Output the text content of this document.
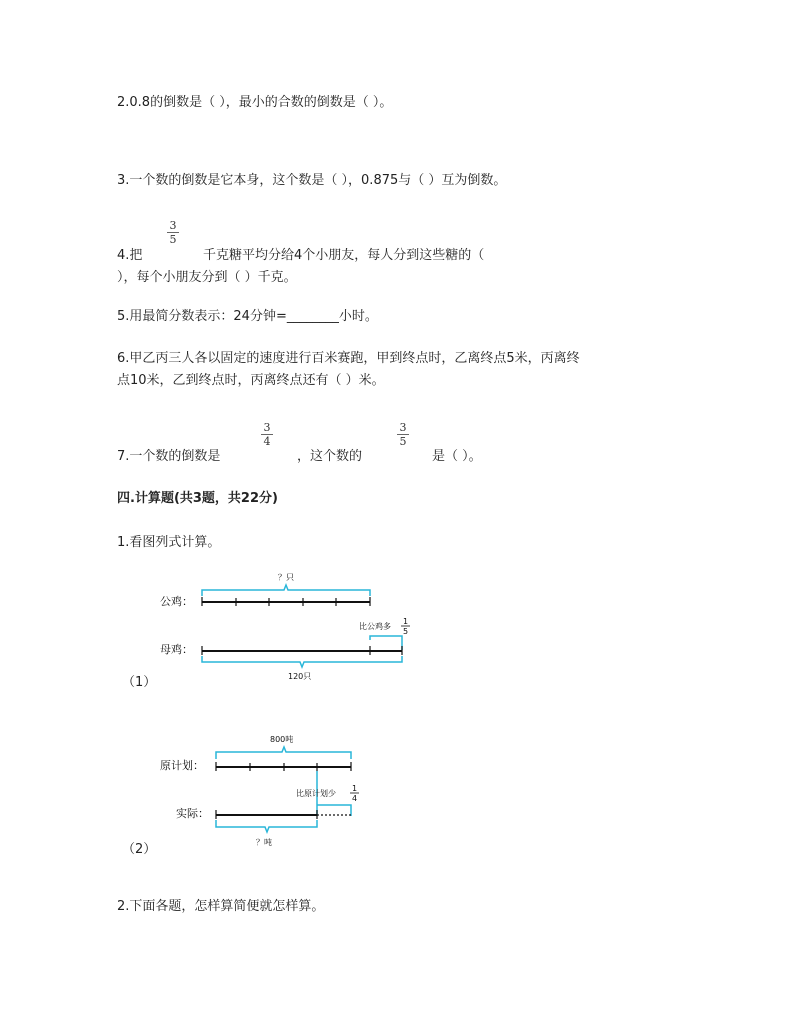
2.0.8的倒数是（ ），最小的合数的倒数是（ ）。
3.一个数的倒数是它本身，这个数是（ ），0.875与（ ）互为倒数。
4.把
3
5
千克糖平均分给4个小朋友，每人分到这些糖的（
），每个小朋友分到（ ）千克。
5.用最简分数表示：24分钟=________小时。
6.甲乙丙三人各以固定的速度进行百米赛跑，甲到终点时，乙离终点5米，丙离终
点10米，乙到终点时，丙离终点还有（ ）米。
7.一个数的倒数是
3
4
，这个数的
3
5
是（ ）。
四.计算题(共3题，共22分)
1.看图列式计算。
？只
公鸡：
比公鸡多
1
5
母鸡：
120只
（1）
800吨
原计划：
比原计划少
1
4
实际：
？吨
（2）
2.下面各题，怎样算简便就怎样算。
